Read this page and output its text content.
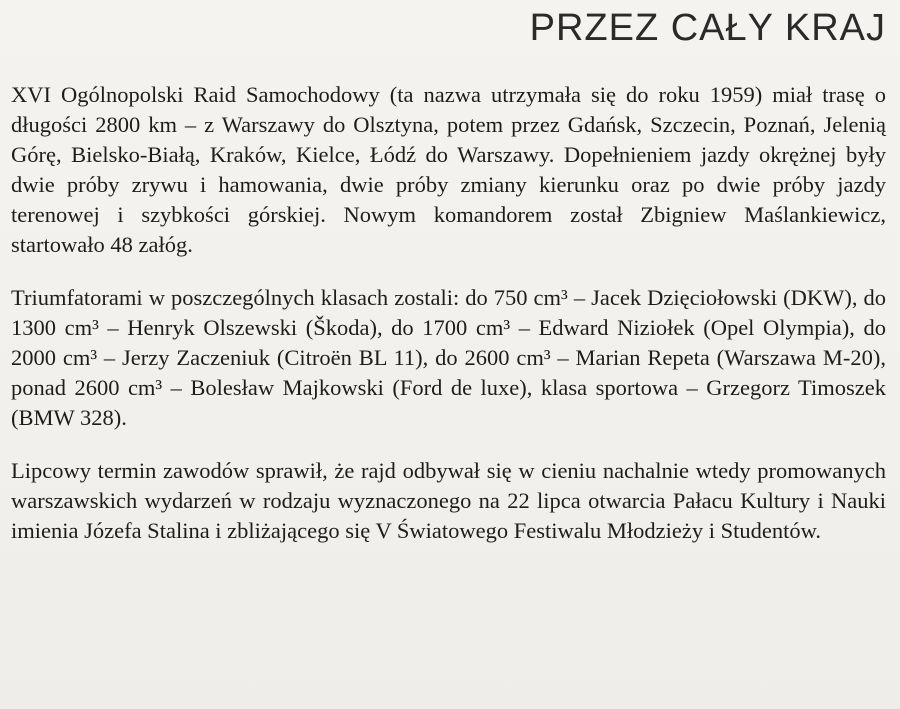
PRZEZ CAŁY KRAJ

XVI Ogólnopolski Raid Samochodowy (ta nazwa utrzymała się do roku 1959) miał trasę o długości 2800 km – z Warszawy do Olsztyna, potem przez Gdańsk, Szczecin, Poznań, Jelenią Górę, Bielsko-Białą, Kraków, Kielce, Łódź do Warszawy. Dopełnieniem jazdy okrężnej były dwie próby zrywu i hamowania, dwie próby zmiany kierunku oraz po dwie próby jazdy terenowej i szybkości górskiej. Nowym komandorem został Zbigniew Maślankiewicz, startowało 48 załóg.

Triumfatorami w poszczególnych klasach zostali: do 750 cm³ – Jacek Dzięciołowski (DKW), do 1300 cm³ – Henryk Olszewski (Škoda), do 1700 cm³ – Edward Niziołek (Opel Olympia), do 2000 cm³ – Jerzy Zaczeniuk (Citroën BL 11), do 2600 cm³ – Marian Repeta (Warszawa M-20), ponad 2600 cm³ – Bolesław Majkowski (Ford de luxe), klasa sportowa – Grzegorz Timoszek (BMW 328).

Lipcowy termin zawodów sprawił, że rajd odbywał się w cieniu nachalnie wtedy promowanych warszawskich wydarzeń w rodzaju wyznaczonego na 22 lipca otwarcia Pałacu Kultury i Nauki imienia Józefa Stalina i zbliżającego się V Światowego Festiwalu Młodzieży i Studentów.
